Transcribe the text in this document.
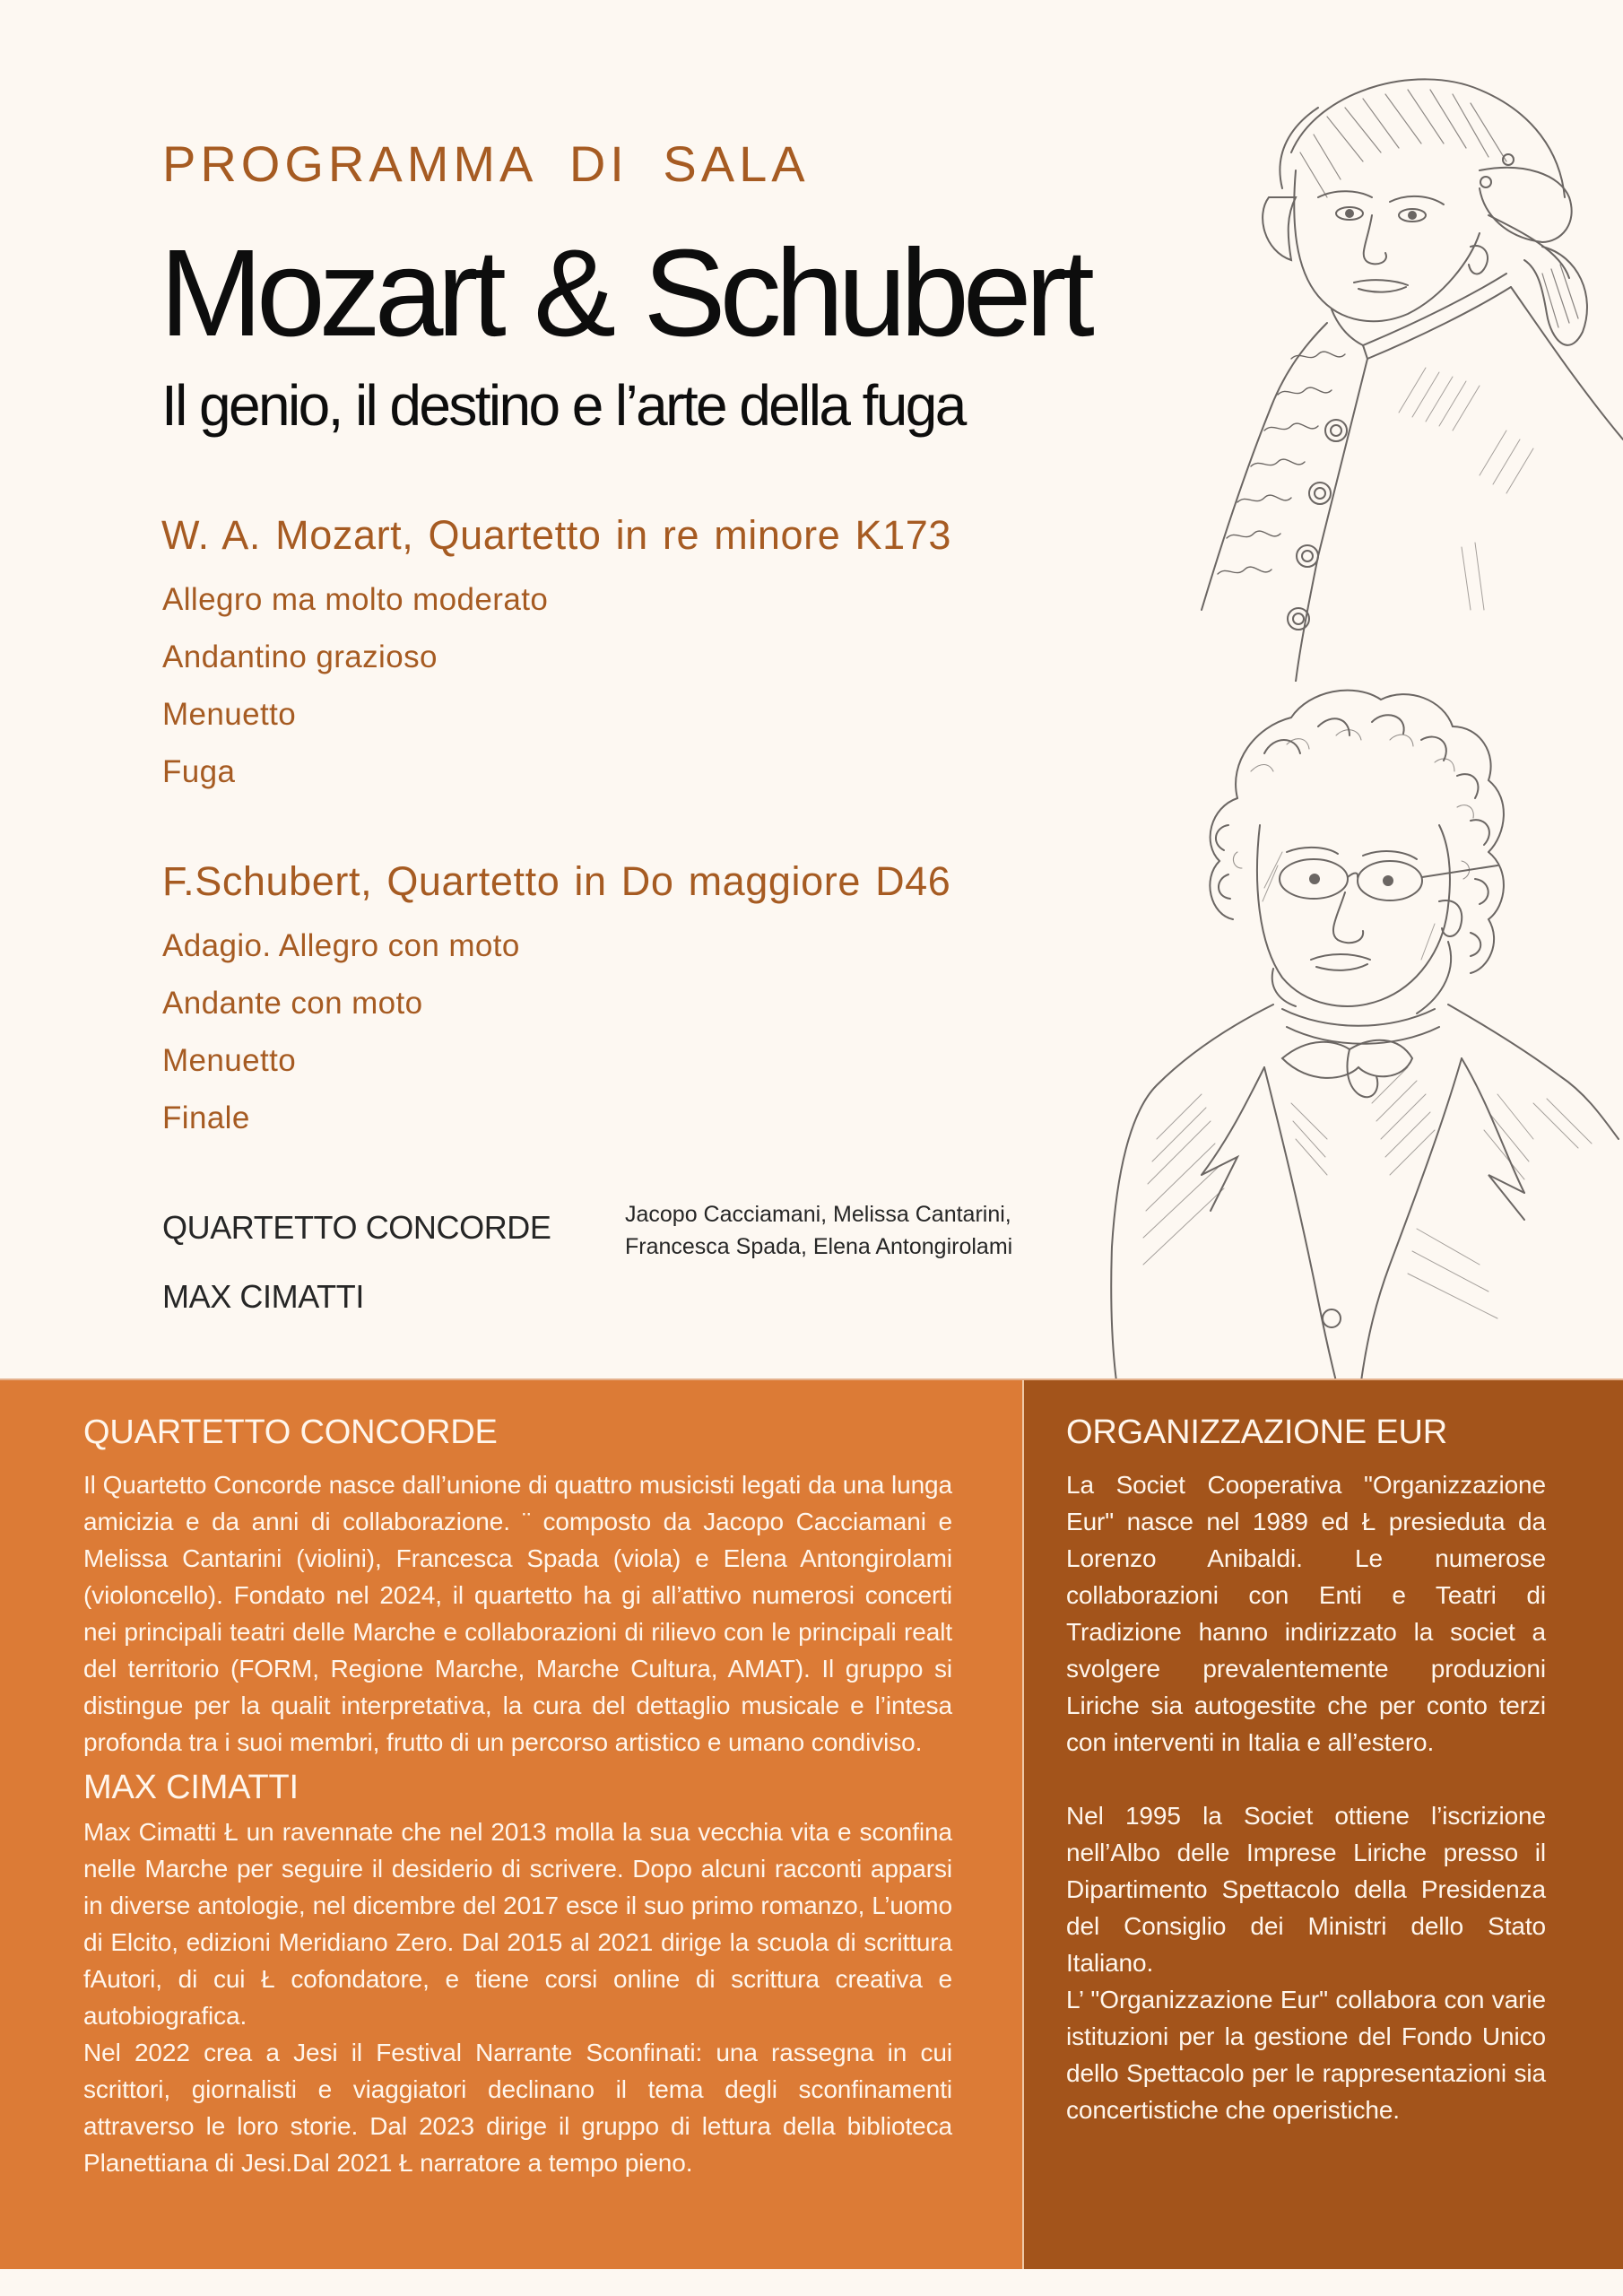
PROGRAMMA DI SALA
Mozart & Schubert
Il genio, il destino e l’arte della fuga
W. A. Mozart, Quartetto in re minore K173
Allegro ma molto moderato
Andantino grazioso
Menuetto
Fuga
F.Schubert, Quartetto in Do maggiore D46
Adagio. Allegro con moto
Andante con moto
Menuetto
Finale
QUARTETTO CONCORDE	Jacopo Cacciamani, Melissa Cantarini,
Francesca Spada, Elena Antongirolami
MAX CIMATTI
QUARTETTO CONCORDE

Il Quartetto Concorde nasce dall’unione di quattro musicisti legati da una lunga amicizia e da anni di collaborazione. ¨ composto da Jacopo Cacciamani e Melissa Cantarini (violini), Francesca Spada (viola) e Elena Antongirolami (violoncello). Fondato nel 2024, il quartetto ha gi all’attivo numerosi concerti nei principali teatri delle Marche e collaborazioni di rilievo con le principali realt del territorio (FORM, Regione Marche, Marche Cultura, AMAT). Il gruppo si distingue per la qualit interpretativa, la cura del dettaglio musicale e l’intesa profonda tra i suoi membri, frutto di un percorso artistico e umano condiviso.

MAX CIMATTI

Max Cimatti Ł un ravennate che nel 2013 molla la sua vecchia vita e sconfina nelle Marche per seguire il desiderio di scrivere. Dopo alcuni racconti apparsi in diverse antologie, nel dicembre del 2017 esce il suo primo romanzo, L’uomo di Elcito, edizioni Meridiano Zero. Dal 2015 al 2021 dirige la scuola di scrittura fAutori, di cui Ł cofondatore, e tiene corsi online di scrittura creativa e autobiografica.

Nel 2022 crea a Jesi il Festival Narrante Sconfinati: una rassegna in cui scrittori, giornalisti e viaggiatori declinano il tema degli sconfinamenti attraverso le loro storie. Dal 2023 dirige il gruppo di lettura della biblioteca Planettiana di Jesi.Dal 2021 Ł narratore a tempo pieno.

ORGANIZZAZIONE EUR

La Societ Cooperativa "Organizzazione Eur" nasce nel 1989 ed Ł presieduta da Lorenzo Anibaldi. Le numerose collaborazioni con Enti e Teatri di Tradizione hanno indirizzato la societ a svolgere prevalentemente produzioni Liriche sia autogestite che per conto terzi con interventi in Italia e all’estero.

Nel 1995 la Societ ottiene l’iscrizione nell’Albo delle Imprese Liriche presso il Dipartimento Spettacolo della Presidenza del Consiglio dei Ministri dello Stato Italiano.

L’ "Organizzazione Eur" collabora con varie istituzioni per la gestione del Fondo Unico dello Spettacolo per le rappresentazioni sia concertistiche che operistiche.
